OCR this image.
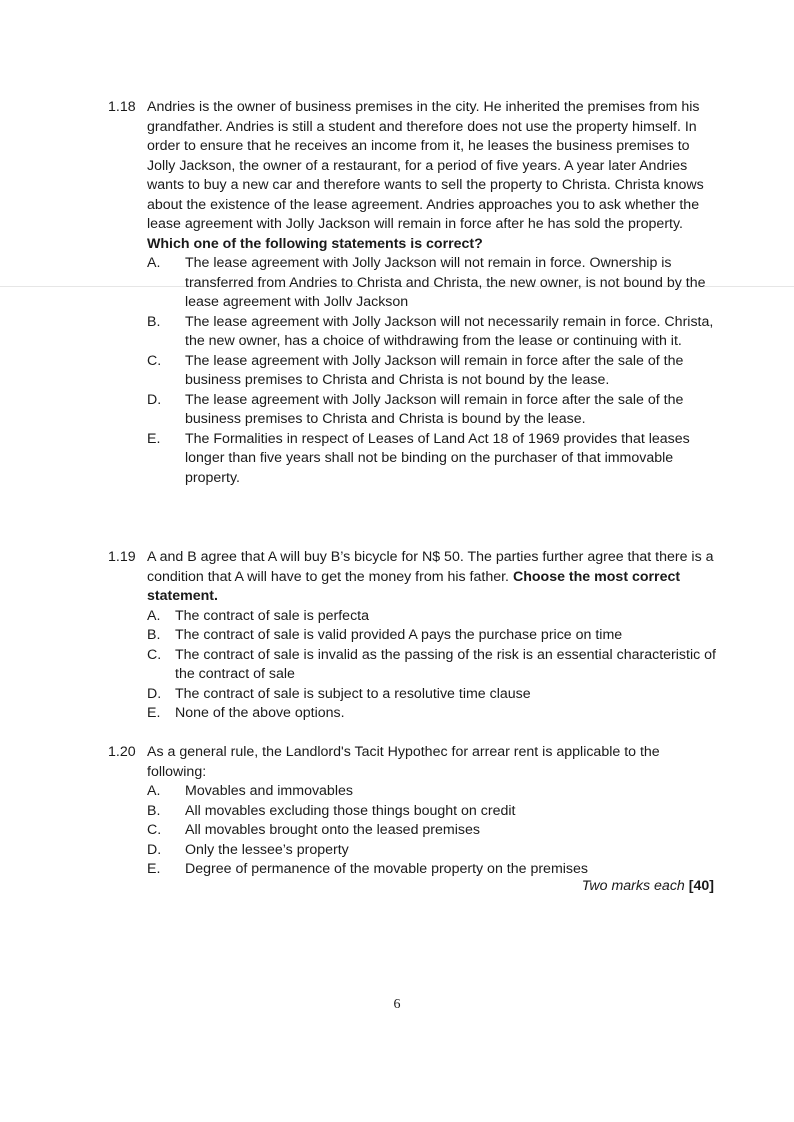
1.18 Andries is the owner of business premises in the city. He inherited the premises from his grandfather. Andries is still a student and therefore does not use the property himself. In order to ensure that he receives an income from it, he leases the business premises to Jolly Jackson, the owner of a restaurant, for a period of five years. A year later Andries wants to buy a new car and therefore wants to sell the property to Christa. Christa knows about the existence of the lease agreement. Andries approaches you to ask whether the lease agreement with Jolly Jackson will remain in force after he has sold the property. Which one of the following statements is correct?
A.	The lease agreement with Jolly Jackson will not remain in force. Ownership is transferred from Andries to Christa and Christa, the new owner, is not bound by the lease agreement with Jollv Jackson
B.	The lease agreement with Jolly Jackson will not necessarily remain in force. Christa, the new owner, has a choice of withdrawing from the lease or continuing with it.
C.	The lease agreement with Jolly Jackson will remain in force after the sale of the business premises to Christa and Christa is not bound by the lease.
D.	The lease agreement with Jolly Jackson will remain in force after the sale of the business premises to Christa and Christa is bound by the lease.
E.	The Formalities in respect of Leases of Land Act 18 of 1969 provides that leases longer than five years shall not be binding on the purchaser of that immovable property.
1.19 A and B agree that A will buy B’s bicycle for N$ 50. The parties further agree that there is a condition that A will have to get the money from his father. Choose the most correct statement.
A.	The contract of sale is perfecta
B.	The contract of sale is valid provided A pays the purchase price on time
C. The contract of sale is invalid as the passing of the risk is an essential characteristic of the contract of sale
D. The contract of sale is subject to a resolutive time clause
E.	None of the above options.
1.20 As a general rule, the Landlord's Tacit Hypothec for arrear rent is applicable to the following:
A.	Movables and immovables
B.	All movables excluding those things bought on credit
C.	All movables brought onto the leased premises
D.	Only the lessee’s property
E.	Degree of permanence of the movable property on the premises
Two marks each [40]
6
